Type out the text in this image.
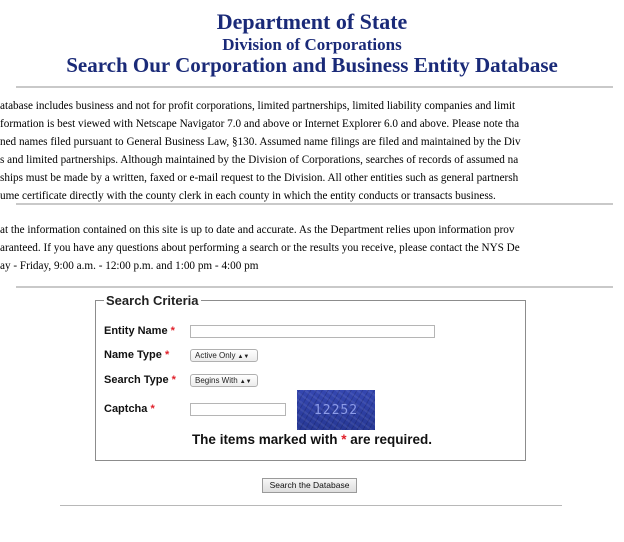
Department of State
Division of Corporations
Search Our Corporation and Business Entity Database
atabase includes business and not for profit corporations, limited partnerships, limited liability companies and limit
formation is best viewed with Netscape Navigator 7.0 and above or Internet Explorer 6.0 and above. Please note tha
ned names filed pursuant to General Business Law, §130. Assumed name filings are filed and maintained by the Div
s and limited partnerships. Although maintained by the Division of Corporations, searches of records of assumed na
ships must be made by a written, faxed or e-mail request to the Division. All other entities such as general partnersh
ume certificate directly with the county clerk in each county in which the entity conducts or transacts business.
at the information contained on this site is up to date and accurate. As the Department relies upon information prov
aranteed. If you have any questions about performing a search or the results you receive, please contact the NYS De
ay - Friday, 9:00 a.m. - 12:00 p.m. and 1:00 pm - 4:00 pm
Search Criteria
Entity Name *
Name Type *	Active Only ▲▼
Search Type *	Begins With ▲▼
Captcha *	12252
The items marked with * are required.
Search the Database
